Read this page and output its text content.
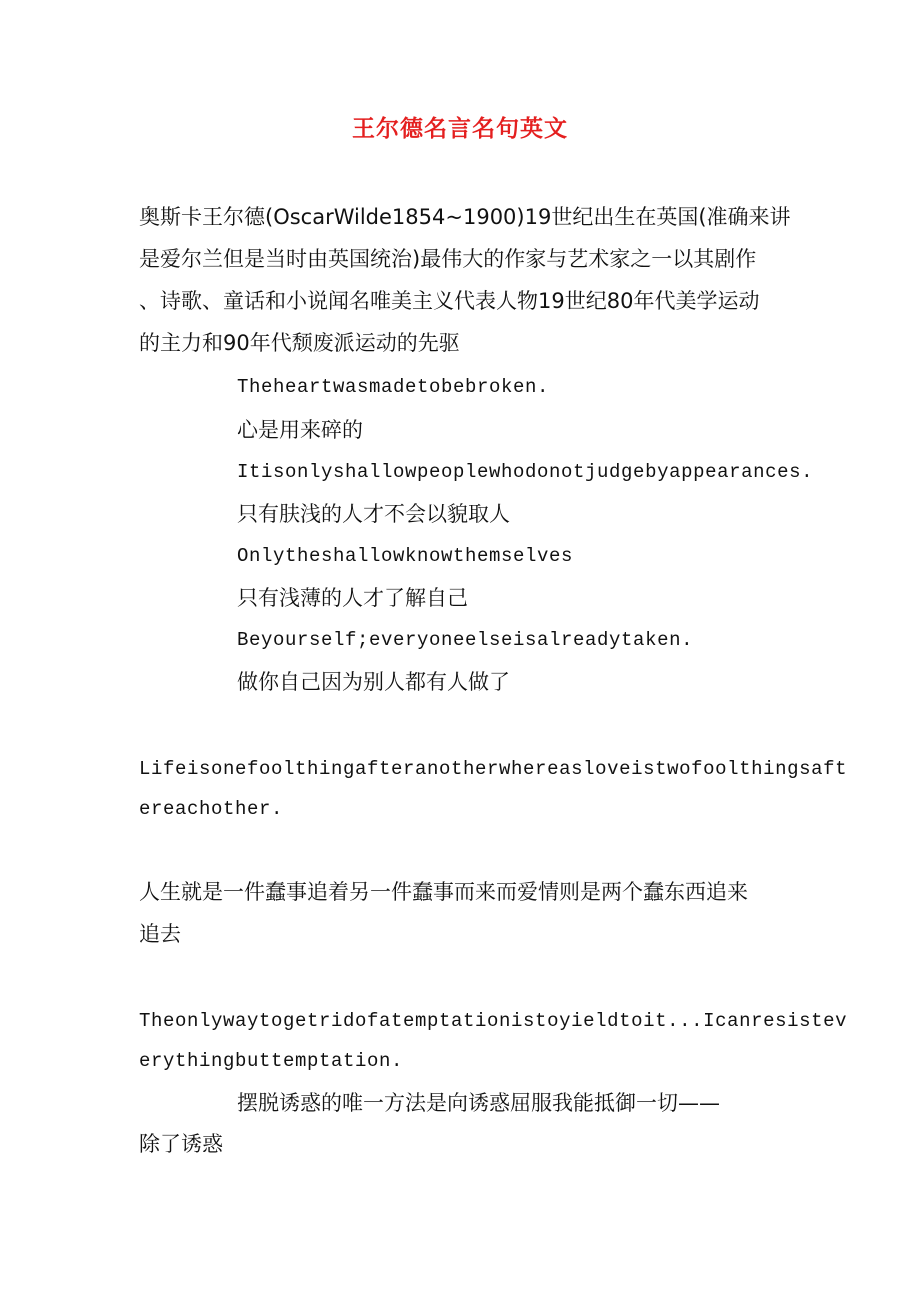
王尔德名言名句英文
奥斯卡王尔德(OscarWilde1854~1900)19世纪出生在英国(准确来讲
是爱尔兰但是当时由英国统治)最伟大的作家与艺术家之一以其剧作
、诗歌、童话和小说闻名唯美主义代表人物19世纪80年代美学运动
的主力和90年代颓废派运动的先驱
Theheartwasmadetobebroken.
心是用来碎的
Itisonlyshallowpeoplewhodonotjudgebyappearances.
只有肤浅的人才不会以貌取人
Onlytheshallowknowthemselves
只有浅薄的人才了解自己
Beyourself;everyoneelseisalreadytaken.
做你自己因为别人都有人做了
Lifeisonefoolthingafteranotherwhereasloveistwofoolthingsaft
ereachother.
人生就是一件蠢事追着另一件蠢事而来而爱情则是两个蠢东西追来
追去
Theonlywaytogetridofatemptationistoyieldtoit...Icanresistev
erythingbuttemptation.
摆脱诱惑的唯一方法是向诱惑屈服我能抵御一切——
除了诱惑
